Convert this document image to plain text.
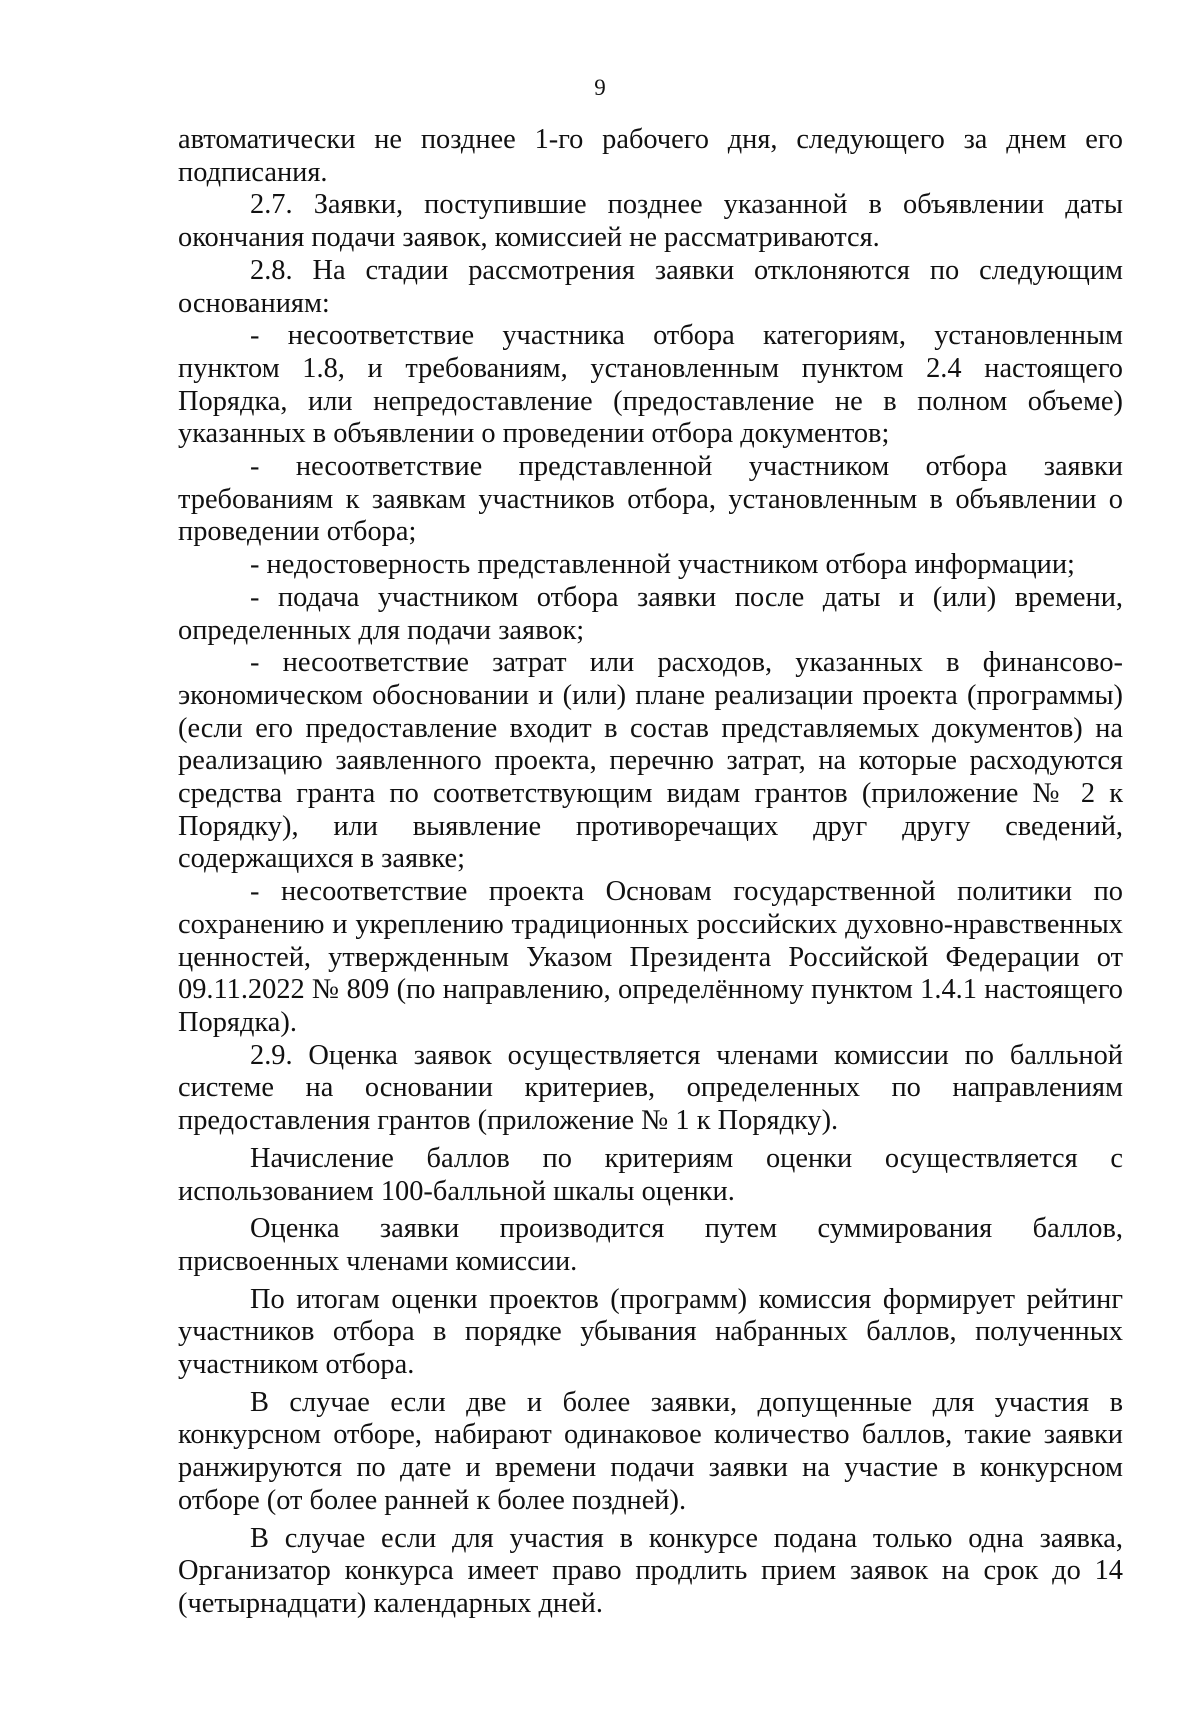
9

автоматически не позднее 1-го рабочего дня, следующего за днем его подписания.

2.7. Заявки, поступившие позднее указанной в объявлении даты окончания подачи заявок, комиссией не рассматриваются.

2.8. На стадии рассмотрения заявки отклоняются по следующим основаниям:

- несоответствие участника отбора категориям, установленным пунктом 1.8, и требованиям, установленным пунктом 2.4 настоящего Порядка, или непредоставление (предоставление не в полном объеме) указанных в объявлении о проведении отбора документов;

- несоответствие представленной участником отбора заявки требованиям к заявкам участников отбора, установленным в объявлении о проведении отбора;

- недостоверность представленной участником отбора информации;

- подача участником отбора заявки после даты и (или) времени, определенных для подачи заявок;

- несоответствие затрат или расходов, указанных в финансово-экономическом обосновании и (или) плане реализации проекта (программы) (если его предоставление входит в состав представляемых документов) на реализацию заявленного проекта, перечню затрат, на которые расходуются средства гранта по соответствующим видам грантов (приложение № 2 к Порядку), или выявление противоречащих друг другу сведений, содержащихся в заявке;

- несоответствие проекта Основам государственной политики по сохранению и укреплению традиционных российских духовно-нравственных ценностей, утвержденным Указом Президента Российской Федерации от 09.11.2022 № 809 (по направлению, определённому пунктом 1.4.1 настоящего Порядка).

2.9. Оценка заявок осуществляется членами комиссии по балльной системе на основании критериев, определенных по направлениям предоставления грантов (приложение № 1 к Порядку).

Начисление баллов по критериям оценки осуществляется с использованием 100-балльной шкалы оценки.

Оценка заявки производится путем суммирования баллов, присвоенных членами комиссии.

По итогам оценки проектов (программ) комиссия формирует рейтинг участников отбора в порядке убывания набранных баллов, полученных участником отбора.

В случае если две и более заявки, допущенные для участия в конкурсном отборе, набирают одинаковое количество баллов, такие заявки ранжируются по дате и времени подачи заявки на участие в конкурсном отборе (от более ранней к более поздней).

В случае если для участия в конкурсе подана только одна заявка, Организатор конкурса имеет право продлить прием заявок на срок до 14 (четырнадцати) календарных дней.
